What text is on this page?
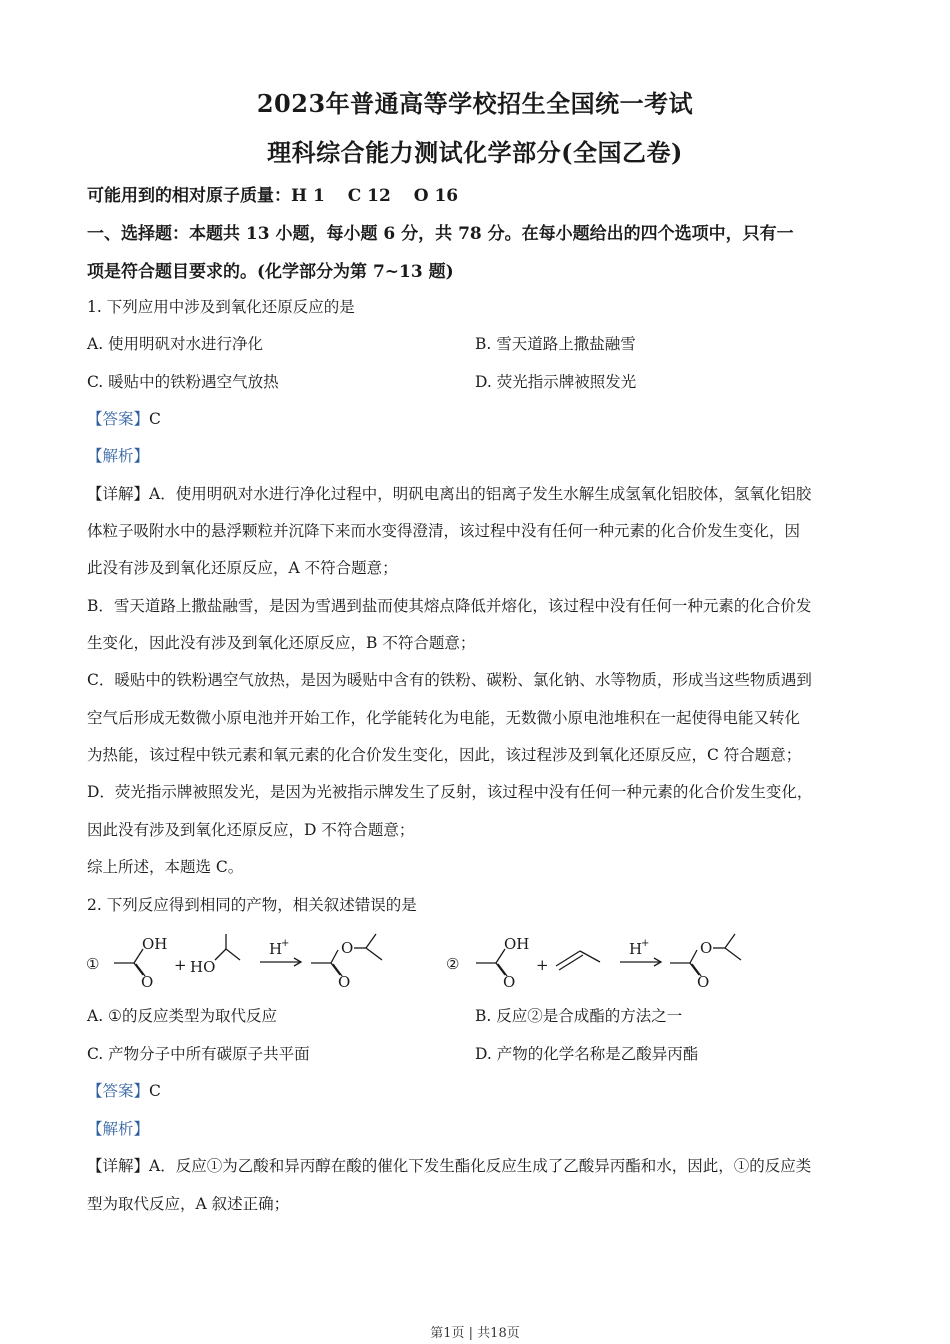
2023年普通高等学校招生全国统一考试
理科综合能力测试化学部分(全国乙卷)
可能用到的相对原子质量：H 1　 C 12　 O 16
一、选择题：本题共 13 小题，每小题 6 分，共 78 分。在每小题给出的四个选项中，只有一
项是符合题目要求的。(化学部分为第 7~13 题)
1. 下列应用中涉及到氧化还原反应的是
A. 使用明矾对水进行净化	B. 雪天道路上撒盐融雪
C. 暖贴中的铁粉遇空气放热	D. 荧光指示牌被照发光
【答案】C
【解析】
【详解】A．使用明矾对水进行净化过程中，明矾电离出的铝离子发生水解生成氢氧化铝胶体，氢氧化铝胶
体粒子吸附水中的悬浮颗粒并沉降下来而水变得澄清，该过程中没有任何一种元素的化合价发生变化，因
此没有涉及到氧化还原反应，A 不符合题意；
B．雪天道路上撒盐融雪，是因为雪遇到盐而使其熔点降低并熔化，该过程中没有任何一种元素的化合价发
生变化，因此没有涉及到氧化还原反应，B 不符合题意；
C．暖贴中的铁粉遇空气放热，是因为暖贴中含有的铁粉、碳粉、氯化钠、水等物质，形成当这些物质遇到
空气后形成无数微小原电池并开始工作，化学能转化为电能，无数微小原电池堆积在一起使得电能又转化
为热能，该过程中铁元素和氧元素的化合价发生变化，因此，该过程涉及到氧化还原反应，C 符合题意；
D．荧光指示牌被照发光，是因为光被指示牌发生了反射，该过程中没有任何一种元素的化合价发生变化，
因此没有涉及到氧化还原反应，D 不符合题意；
综上所述，本题选 C。
2. 下列反应得到相同的产物，相关叙述错误的是
①
OH
O
+ HO
H
+	O
O
②
OH
O
+
H
+	O
O
A. ①的反应类型为取代反应	B. 反应②是合成酯的方法之一
C. 产物分子中所有碳原子共平面	D. 产物的化学名称是乙酸异丙酯
【答案】C
【解析】
【详解】A．反应①为乙酸和异丙醇在酸的催化下发生酯化反应生成了乙酸异丙酯和水，因此，①的反应类
型为取代反应，A 叙述正确；
第1页 | 共18页
